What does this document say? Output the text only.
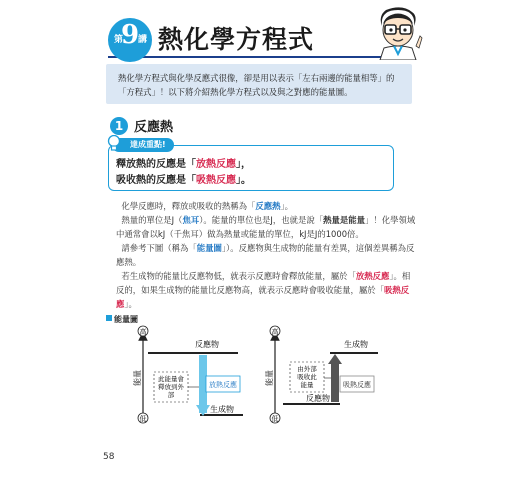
第
9
講 熱化學方程式

熱化學方程式與化學反應式很像，卻是用以表示「左右兩邊的能量相等」的「方程式」！以下將介紹熱化學方程式以及與之對應的能量圖。

1 反應熱
達成重點!
釋放熱的反應是「放熱反應」，
吸收熱的反應是「吸熱反應」。

化學反應時，釋放或吸收的熱稱為「反應熱」。

熱量的單位是J（焦耳）。能量的單位也是J，也就是說「熱量是能量」！化學領域中通常會以kJ（千焦耳）做為熱量或能量的單位，kJ是J的1000倍。

請參考下圖（稱為「能量圖」）。反應物與生成物的能量有差異，這個差異稱為反應熱。

若生成物的能量比反應物低，就表示反應時會釋放能量，屬於「放熱反應」。相反的，如果生成物的能量比反應物高，就表示反應時會吸收能量，屬於「吸熱反應」。

能量圖
高
低
能量
反應物
生成物
放熱反應
此能量會釋放到外部
高
低
能量
生成物
反應物
吸熱反應
由外部吸收此能量
58
